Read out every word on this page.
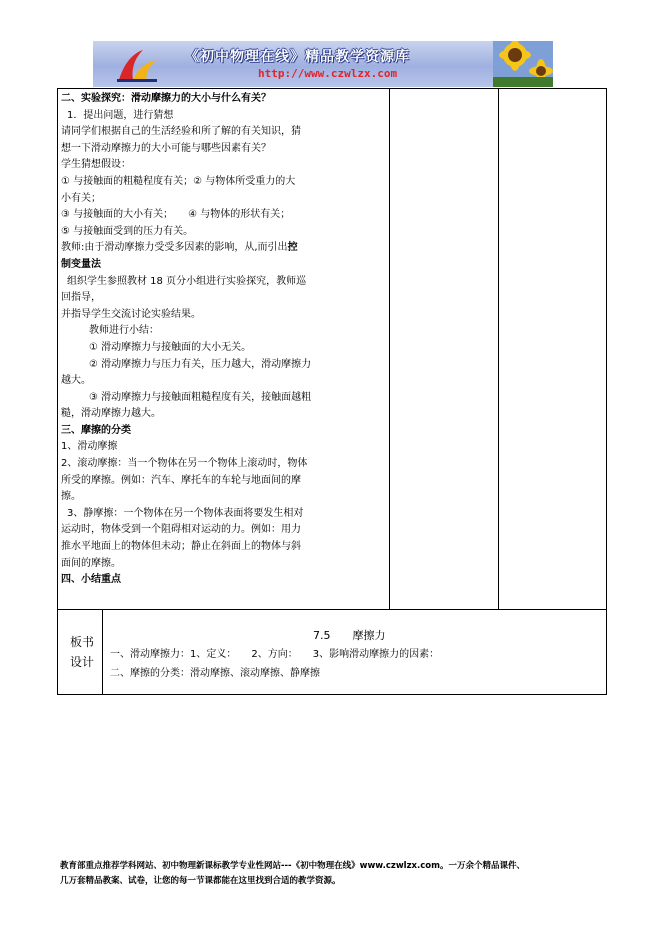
《初中物理在线》精品教学资源库
http://www.czwlzx.com

二、实验探究：滑动摩擦力的大小与什么有关？

1．提出问题，进行猜想

请同学们根据自己的生活经验和所了解的有关知识，猜

想一下滑动摩擦力的大小可能与哪些因素有关？

学生猜想假设：

① 与接触面的粗糙程度有关；② 与物体所受重力的大

小有关；

③ 与接触面的大小有关；　　④ 与物体的形状有关；

⑤ 与接触面受到的压力有关。

教师:由于滑动摩擦力受受多因素的影响，从,而引出控

制变量法

组织学生参照教材 18 页分小组进行实验探究，教师巡

回指导，

并指导学生交流讨论实验结果。

教师进行小结：

① 滑动摩擦力与接触面的大小无关。

② 滑动摩擦力与压力有关，压力越大，滑动摩擦力

越大。

③ 滑动摩擦力与接触面粗糙程度有关，接触面越粗

糙，滑动摩擦力越大。

三、摩擦的分类

1、滑动摩擦

2、滚动摩擦：当一个物体在另一个物体上滚动时，物体

所受的摩擦。例如：汽车、摩托车的车轮与地面间的摩

擦。

3、静摩擦：一个物体在另一个物体表面将要发生相对

运动时，物体受到一个阻碍相对运动的力。例如：用力

推水平地面上的物体但未动；静止在斜面上的物体与斜

面间的摩擦。

四、小结重点

板书
设计
7.5　　摩擦力
一、滑动摩擦力：1、定义：　　2、方向：　　3、影响滑动摩擦力的因素：
二、摩擦的分类：滑动摩擦、滚动摩擦、静摩擦
教育部重点推荐学科网站、初中物理新课标教学专业性网站---《初中物理在线》www.czwlzx.com。一万余个精品课件、
几万套精品教案、试卷，让您的每一节课都能在这里找到合适的教学资源。
